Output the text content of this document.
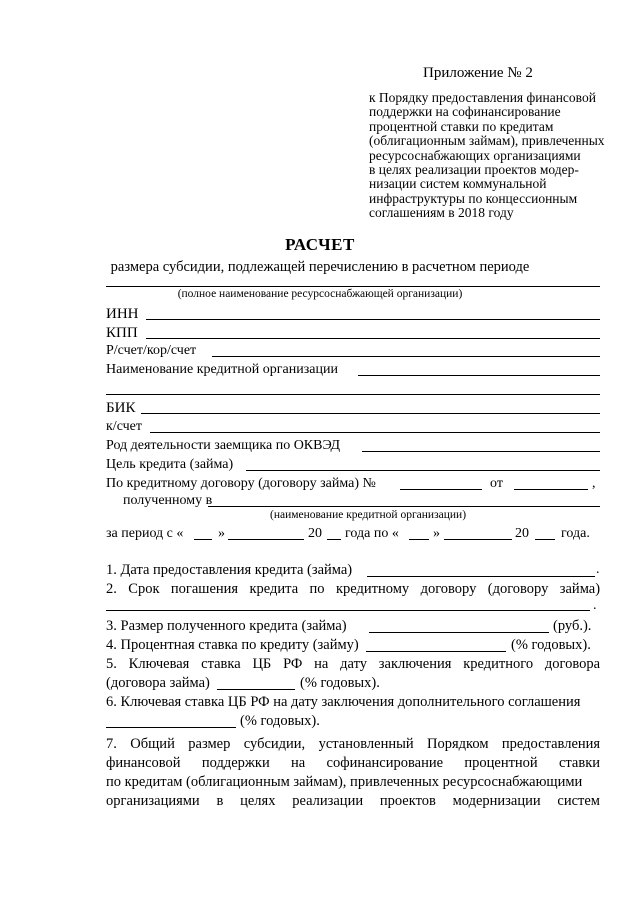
Приложение № 2
к Порядку предоставления финансовой
поддержки на софинансирование
процентной ставки по кредитам
(облигационным займам), привлеченных
ресурсоснабжающих организациями
в целях реализации проектов модер-
низации систем коммунальной
инфраструктуры по концессионным
соглашениям в 2018 году
РАСЧЕТ
размера субсидии, подлежащей перечислению в расчетном периоде
(полное наименование ресурсоснабжающей организации)
ИНН
КПП
Р/счет/кор/счет
Наименование кредитной организации
БИК
к/счет
Род деятельности заемщика по ОКВЭД
Цель кредита (займа)
По кредитному договору (договору займа) №	от	,
полученному в
(наименование кредитной организации)
за период с « »	20 года по « »	20 года.
1. Дата предоставления кредита (займа)	.
2. Срок погашения кредита по кредитному договору (договору займа)
.
3. Размер полученного кредита (займа)	(руб.).
4. Процентная ставка по кредиту (займу)	(% годовых).
5. Ключевая ставка ЦБ РФ на дату заключения кредитного договора
(договора займа)	(% годовых).
6. Ключевая ставка ЦБ РФ на дату заключения дополнительного соглашения
(% годовых).
7. Общий размер субсидии, установленный Порядком предоставления
финансовой поддержки на софинансирование процентной ставки
по кредитам (облигационным займам), привлеченных ресурсоснабжающими
организациями в целях реализации проектов модернизации систем
